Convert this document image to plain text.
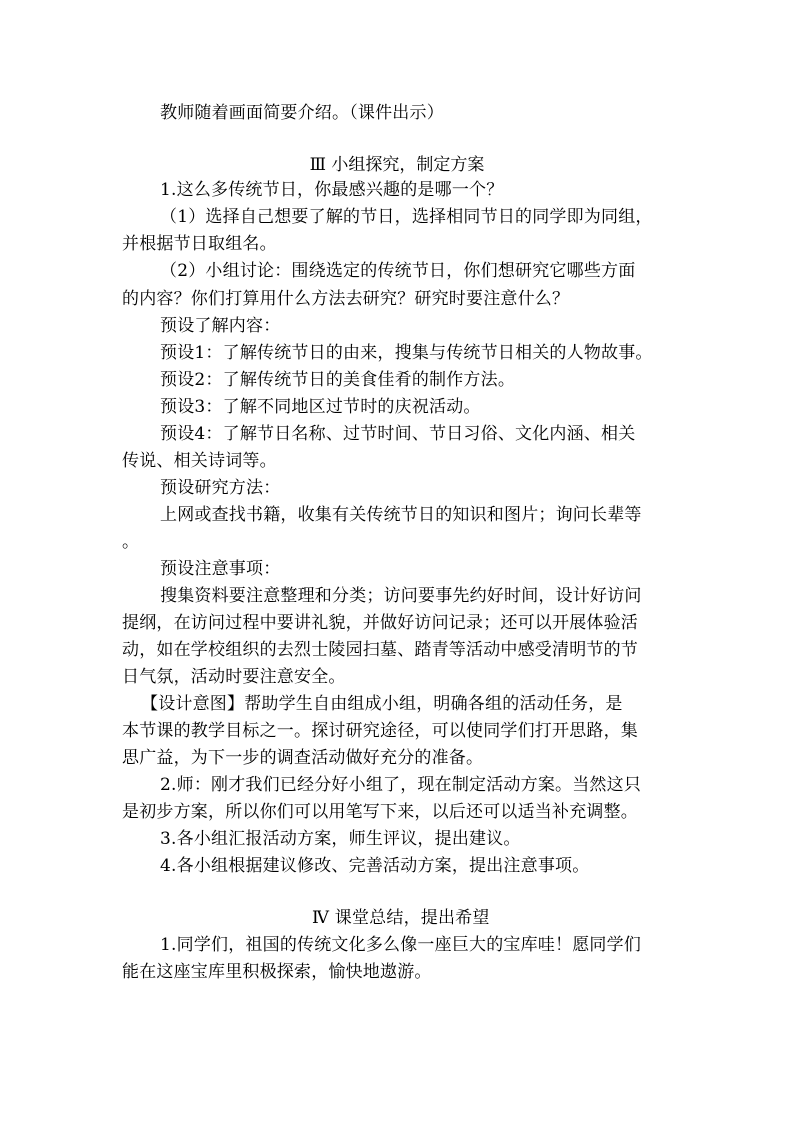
教师随着画面简要介绍。（课件出示）
Ⅲ 小组探究，制定方案
1.这么多传统节日，你最感兴趣的是哪一个？
（1）选择自己想要了解的节日，选择相同节日的同学即为同组，
并根据节日取组名。
（2）小组讨论：围绕选定的传统节日，你们想研究它哪些方面
的内容？你们打算用什么方法去研究？研究时要注意什么？
预设了解内容：
预设1：了解传统节日的由来，搜集与传统节日相关的人物故事。
预设2：了解传统节日的美食佳肴的制作方法。
预设3：了解不同地区过节时的庆祝活动。
预设4：了解节日名称、过节时间、节日习俗、文化内涵、相关
传说、相关诗词等。
预设研究方法：
上网或查找书籍，收集有关传统节日的知识和图片；询问长辈等
。
预设注意事项：
搜集资料要注意整理和分类；访问要事先约好时间，设计好访问
提纲，在访问过程中要讲礼貌，并做好访问记录；还可以开展体验活
动，如在学校组织的去烈士陵园扫墓、踏青等活动中感受清明节的节
日气氛，活动时要注意安全。
【设计意图】帮助学生自由组成小组，明确各组的活动任务，是
本节课的教学目标之一。探讨研究途径，可以使同学们打开思路，集
思广益，为下一步的调查活动做好充分的准备。
2.师：刚才我们已经分好小组了，现在制定活动方案。当然这只
是初步方案，所以你们可以用笔写下来，以后还可以适当补充调整。
3.各小组汇报活动方案，师生评议，提出建议。
4.各小组根据建议修改、完善活动方案，提出注意事项。
Ⅳ 课堂总结，提出希望
1.同学们，祖国的传统文化多么像一座巨大的宝库哇！愿同学们
能在这座宝库里积极探索，愉快地遨游。
